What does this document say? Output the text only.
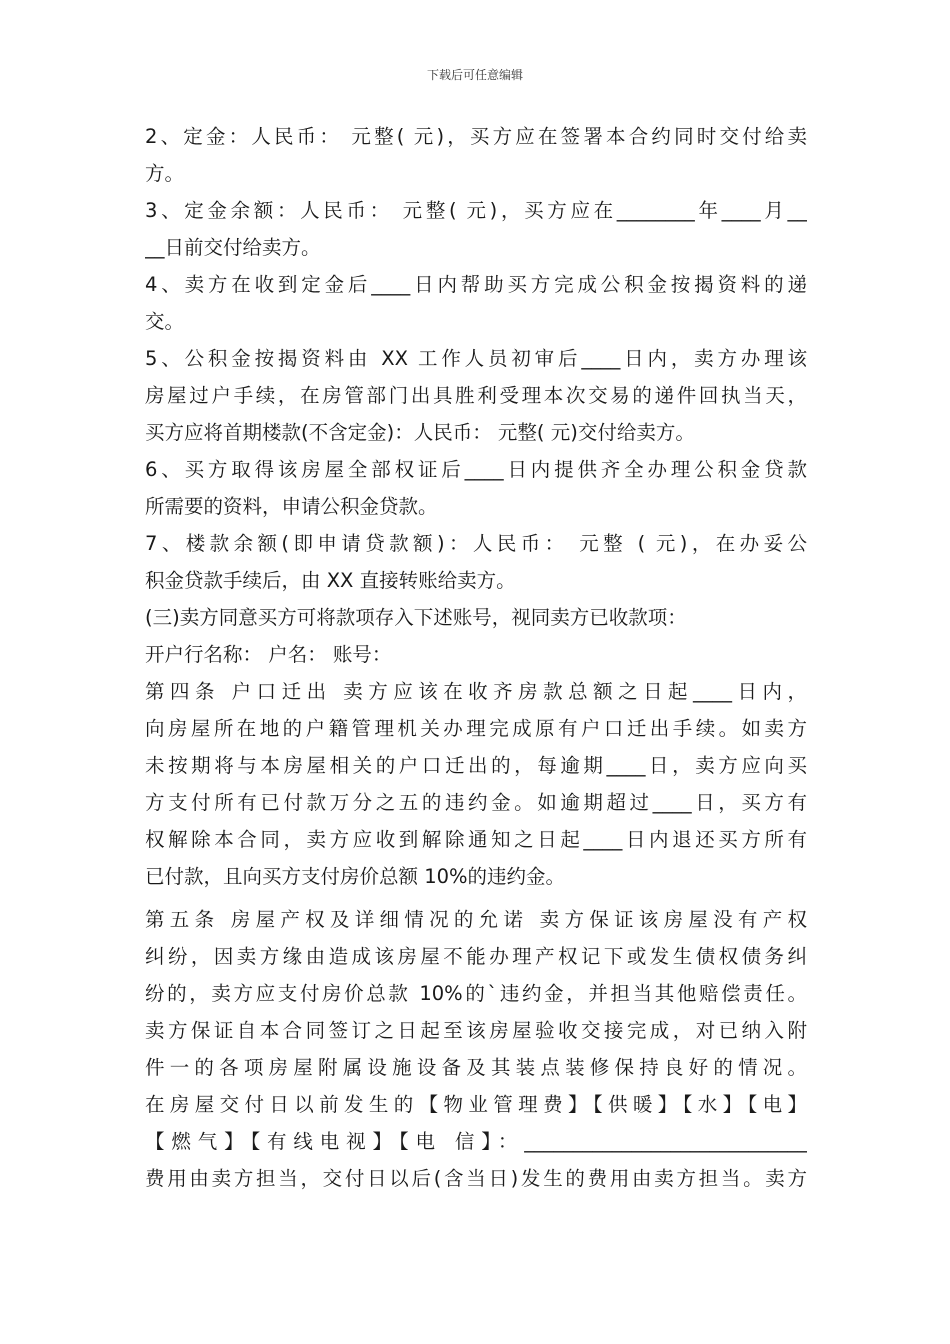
下载后可任意编辑
2、定金：人民币： 元整( 元)，买方应在签署本合约同时交付给卖
方。
3、定金余额：人民币： 元整( 元)，买方应在________年____月__
__日前交付给卖方。
4、卖方在收到定金后____日内帮助买方完成公积金按揭资料的递
交。
5、公积金按揭资料由 XX 工作人员初审后____日内，卖方办理该
房屋过户手续，在房管部门出具胜利受理本次交易的递件回执当天，
买方应将首期楼款(不含定金)：人民币： 元整( 元)交付给卖方。
6、买方取得该房屋全部权证后____日内提供齐全办理公积金贷款
所需要的资料，申请公积金贷款。
7、楼款余额(即申请贷款额)：人民币： 元整 ( 元)，在办妥公
积金贷款手续后，由 XX 直接转账给卖方。
(三)卖方同意买方可将款项存入下述账号，视同卖方已收款项：
开户行名称： 户名： 账号：
第四条 户口迁出 卖方应该在收齐房款总额之日起____日内，
向房屋所在地的户籍管理机关办理完成原有户口迁出手续。如卖方
未按期将与本房屋相关的户口迁出的，每逾期____日，卖方应向买
方支付所有已付款万分之五的违约金。如逾期超过____日，买方有
权解除本合同，卖方应收到解除通知之日起____日内退还买方所有
已付款，且向买方支付房价总额 10%的违约金。
第五条 房屋产权及详细情况的允诺 卖方保证该房屋没有产权
纠纷，因卖方缘由造成该房屋不能办理产权记下或发生债权债务纠
纷的，卖方应支付房价总款 10%的`违约金，并担当其他赔偿责任。
卖方保证自本合同签订之日起至该房屋验收交接完成，对已纳入附
件一的各项房屋附属设施设备及其装点装修保持良好的情况。
在房屋交付日以前发生的【物业管理费】【供暖】【水】【电】
【燃气】【有线电视】【电 信】：_____________________________
费用由卖方担当，交付日以后(含当日)发生的费用由卖方担当。卖方
